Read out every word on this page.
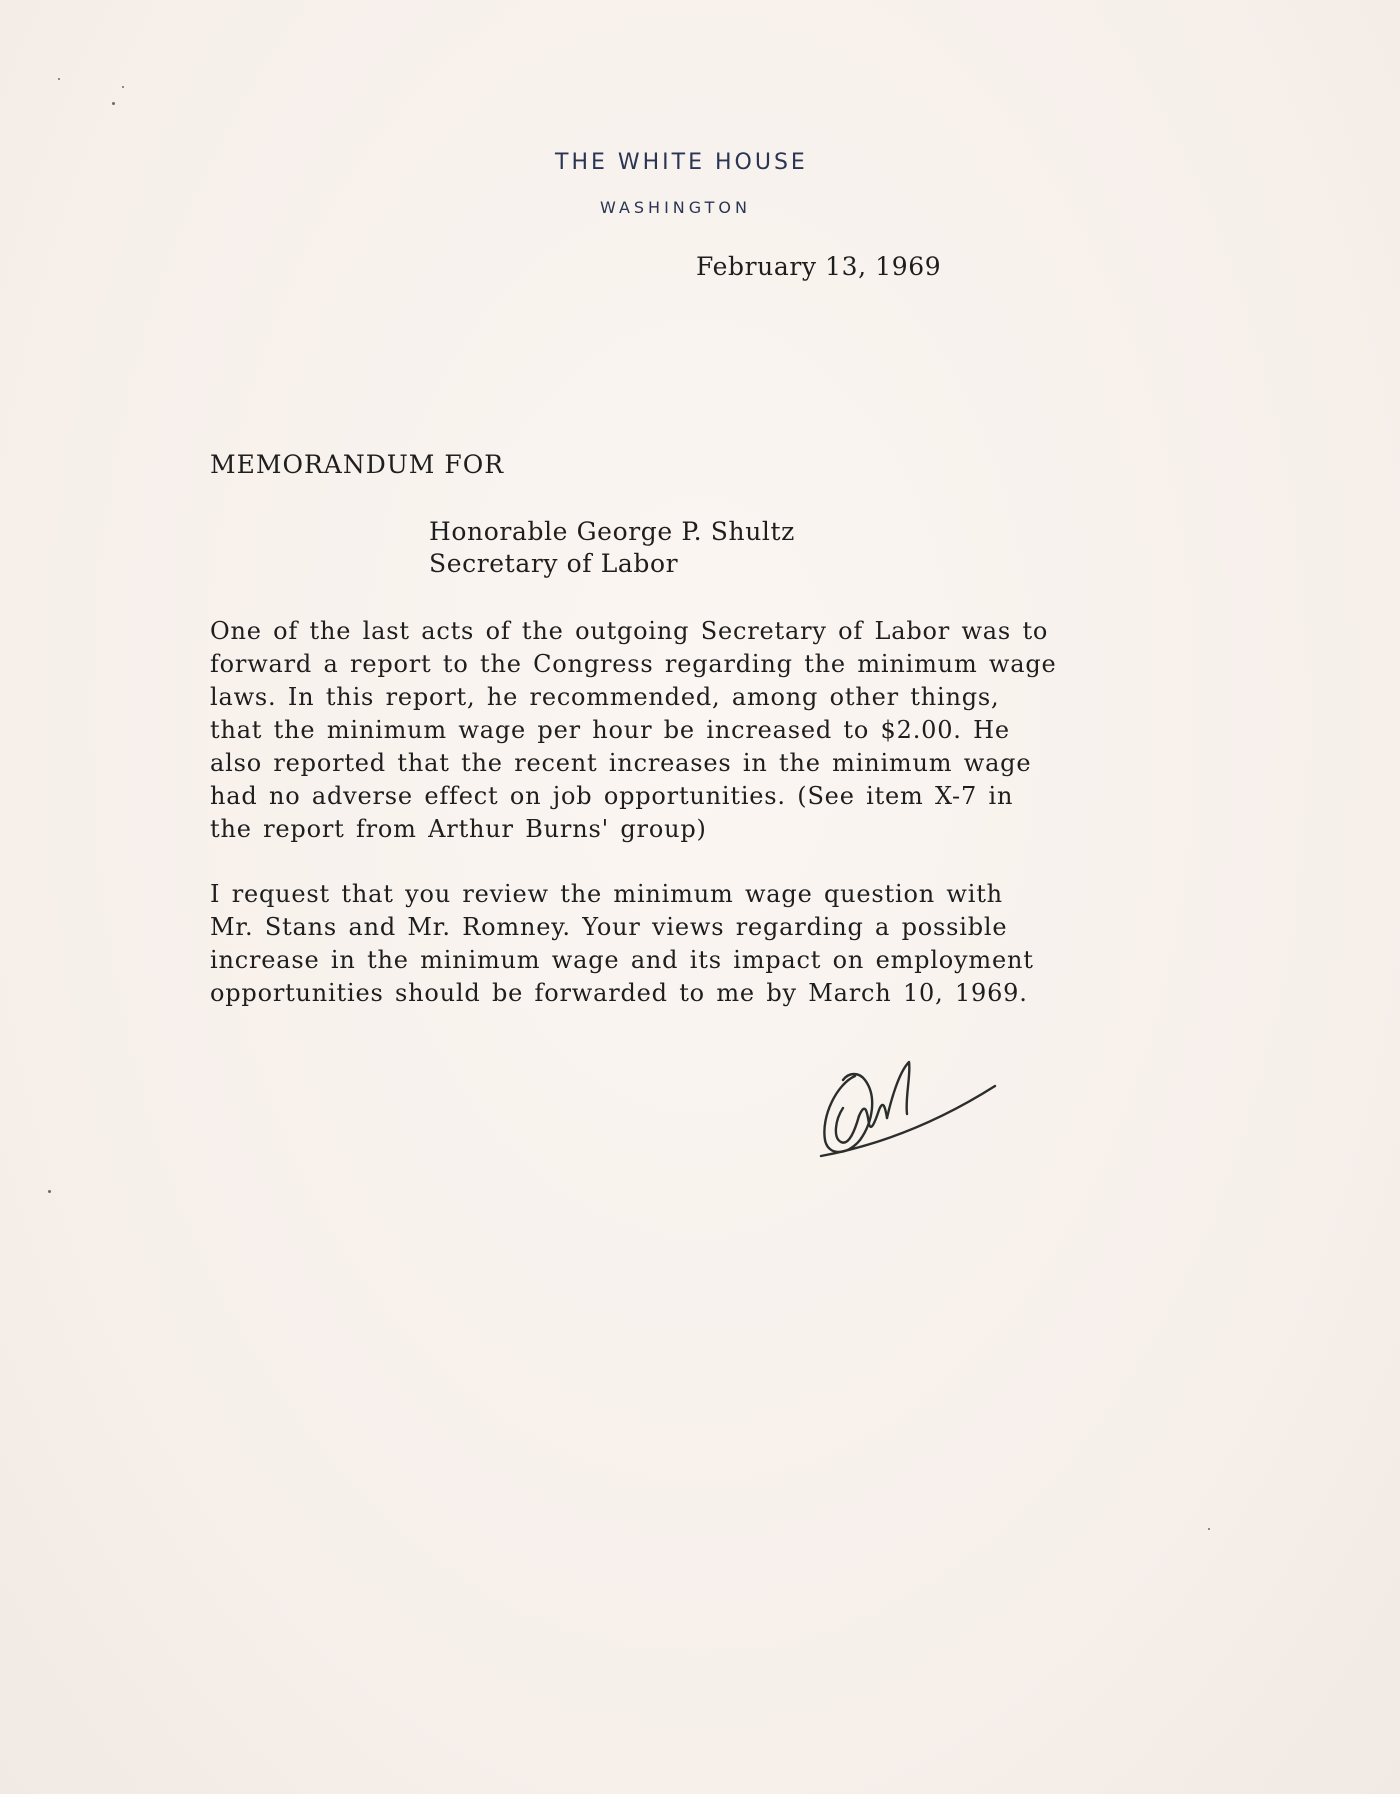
THE WHITE HOUSE
WASHINGTON
February 13, 1969
MEMORANDUM FOR
Honorable George P. Shultz
Secretary of Labor
One of the last acts of the outgoing Secretary of Labor was to
forward a report to the Congress regarding the minimum wage
laws. In this report, he recommended, among other things,
that the minimum wage per hour be increased to $2.00. He
also reported that the recent increases in the minimum wage
had no adverse effect on job opportunities. (See item X-7 in
the report from Arthur Burns' group)
I request that you review the minimum wage question with
Mr. Stans and Mr. Romney. Your views regarding a possible
increase in the minimum wage and its impact on employment
opportunities should be forwarded to me by March 10, 1969.
